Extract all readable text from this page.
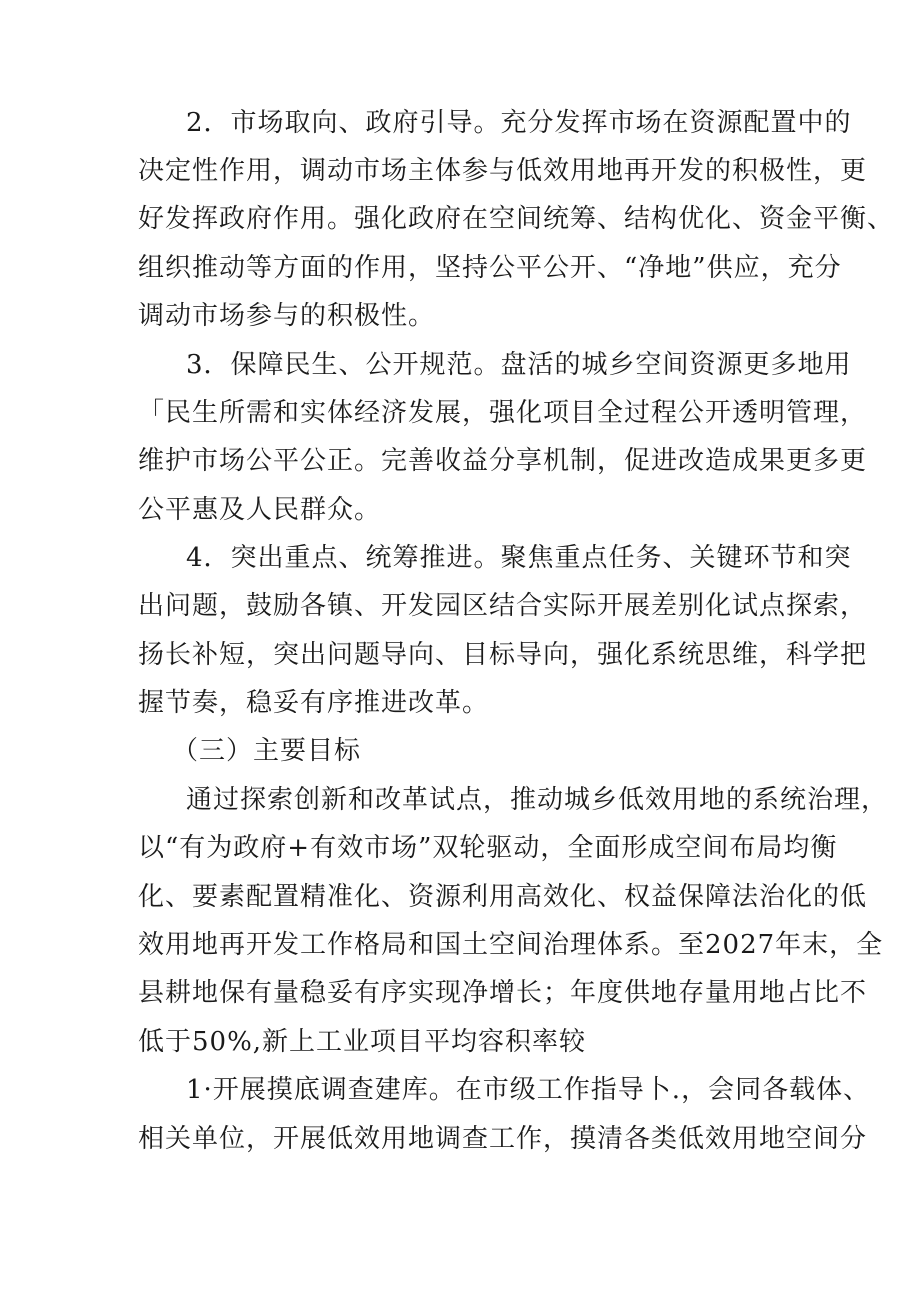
2．市场取向、政府引导。充分发挥市场在资源配置中的
决定性作用，调动市场主体参与低效用地再开发的积极性，更
好发挥政府作用。强化政府在空间统筹、结构优化、资金平衡、
组织推动等方面的作用，坚持公平公开、“净地”供应，充分
调动市场参与的积极性。
3．保障民生、公开规范。盘活的城乡空间资源更多地用
「民生所需和实体经济发展，强化项目全过程公开透明管理，
维护市场公平公正。完善收益分享机制，促进改造成果更多更
公平惠及人民群众。
4．突出重点、统筹推进。聚焦重点任务、关键环节和突
出问题，鼓励各镇、开发园区结合实际开展差别化试点探索，
扬长补短，突出问题导向、目标导向，强化系统思维，科学把
握节奏，稳妥有序推进改革。
（三）主要目标
通过探索创新和改革试点，推动城乡低效用地的系统治理，
以“有为政府+有效市场”双轮驱动，全面形成空间布局均衡
化、要素配置精准化、资源利用高效化、权益保障法治化的低
效用地再开发工作格局和国土空间治理体系。至2027年末，全
县耕地保有量稳妥有序实现净增长；年度供地存量用地占比不
低于50%,新上工业项目平均容积率较
1·开展摸底调查建库。在市级工作指导卜.，会同各载体、
相关单位，开展低效用地调查工作，摸清各类低效用地空间分
